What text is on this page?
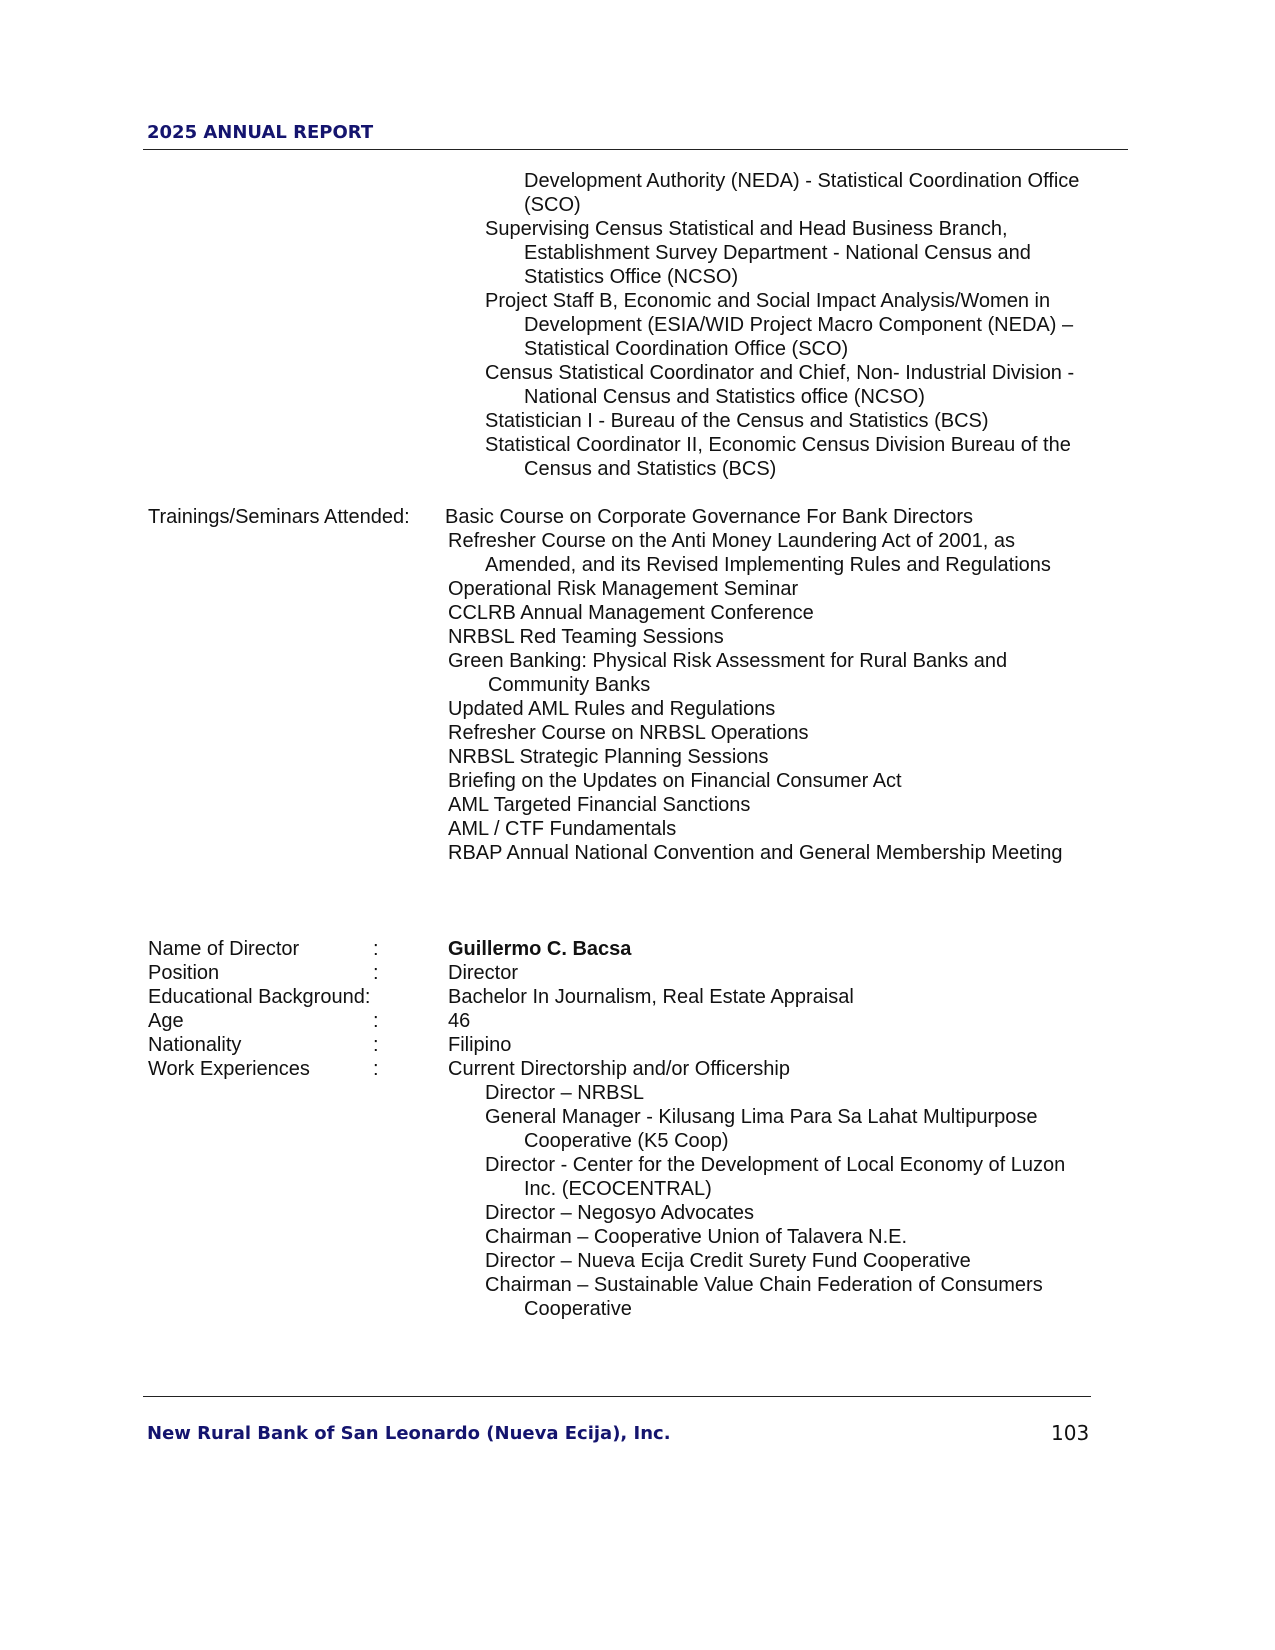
2025 ANNUAL REPORT
Development Authority (NEDA) - Statistical Coordination Office
(SCO)
Supervising Census Statistical and Head Business Branch,
Establishment Survey Department - National Census and
Statistics Office (NCSO)
Project Staff B, Economic and Social Impact Analysis/Women in
Development (ESIA/WID Project Macro Component (NEDA) –
Statistical Coordination Office (SCO)
Census Statistical Coordinator and Chief, Non- Industrial Division -
National Census and Statistics office (NCSO)
Statistician I - Bureau of the Census and Statistics (BCS)
Statistical Coordinator II, Economic Census Division Bureau of the
Census and Statistics (BCS)
Trainings/Seminars Attended: Basic Course on Corporate Governance For Bank Directors
Refresher Course on the Anti Money Laundering Act of 2001, as
Amended, and its Revised Implementing Rules and Regulations
Operational Risk Management Seminar
CCLRB Annual Management Conference
NRBSL Red Teaming Sessions
Green Banking: Physical Risk Assessment for Rural Banks and
Community Banks
Updated AML Rules and Regulations
Refresher Course on NRBSL Operations
NRBSL Strategic Planning Sessions
Briefing on the Updates on Financial Consumer Act
AML Targeted Financial Sanctions
AML / CTF Fundamentals
RBAP Annual National Convention and General Membership Meeting
Name of Director	:	Guillermo C. Bacsa
Position	:	Director
Educational Background:	Bachelor In Journalism, Real Estate Appraisal
Age	:	46
Nationality	:	Filipino
Work Experiences	:	Current Directorship and/or Officership
Director – NRBSL
General Manager - Kilusang Lima Para Sa Lahat Multipurpose
Cooperative (K5 Coop)
Director - Center for the Development of Local Economy of Luzon
Inc. (ECOCENTRAL)
Director – Negosyo Advocates
Chairman – Cooperative Union of Talavera N.E.
Director – Nueva Ecija Credit Surety Fund Cooperative
Chairman – Sustainable Value Chain Federation of Consumers
Cooperative
New Rural Bank of San Leonardo (Nueva Ecija), Inc.	103
